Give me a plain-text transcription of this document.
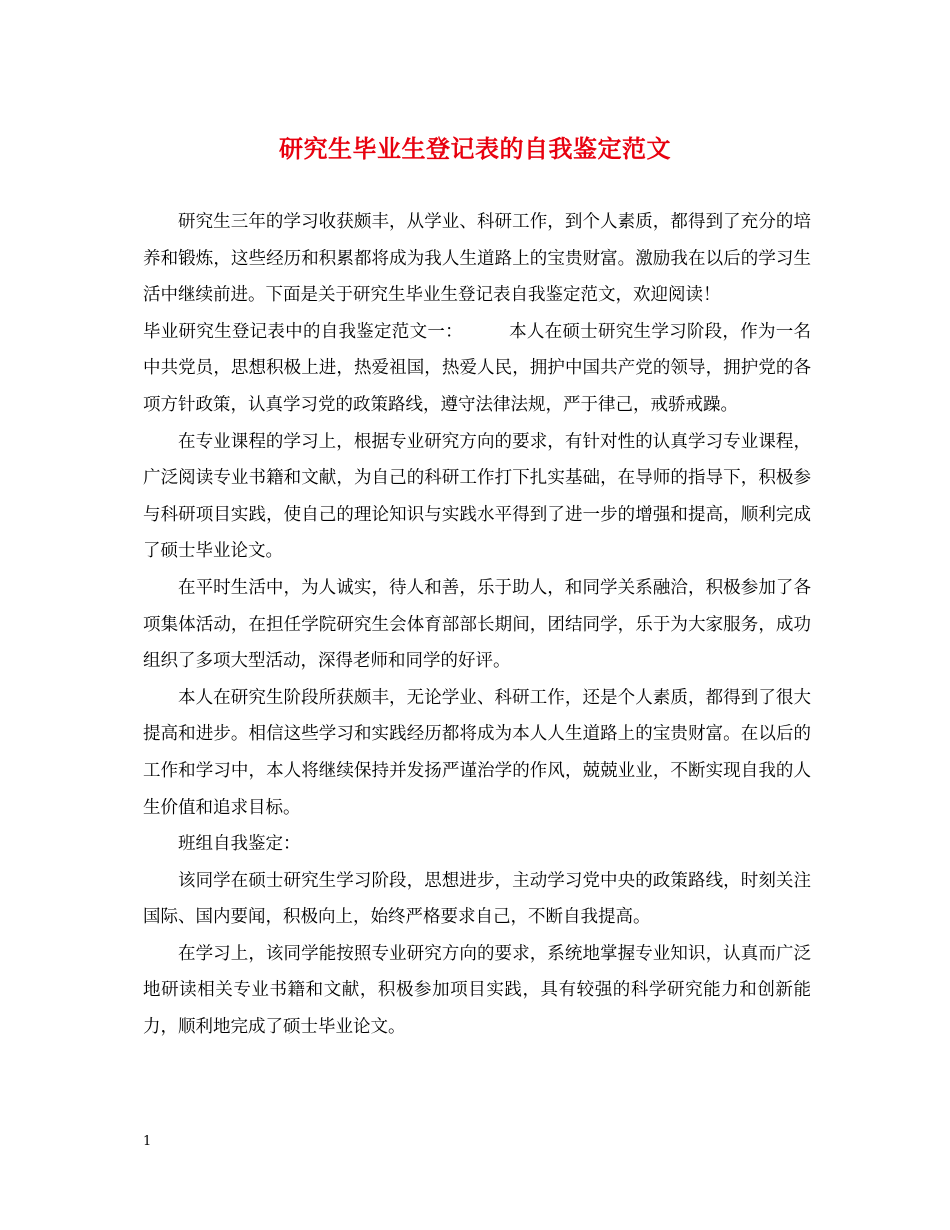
研究生毕业生登记表的自我鉴定范文

研究生三年的学习收获颇丰，从学业、科研工作，到个人素质，都得到了充分的培养和锻炼，这些经历和积累都将成为我人生道路上的宝贵财富。激励我在以后的学习生活中继续前进。下面是关于研究生毕业生登记表自我鉴定范文，欢迎阅读！

毕业研究生登记表中的自我鉴定范文一：	本人在硕士研究生学习阶段，作为一名中共党员，思想积极上进，热爱祖国，热爱人民，拥护中国共产党的领导，拥护党的各项方针政策，认真学习党的政策路线，遵守法律法规，严于律己，戒骄戒躁。

在专业课程的学习上，根据专业研究方向的要求，有针对性的认真学习专业课程，广泛阅读专业书籍和文献，为自己的科研工作打下扎实基础，在导师的指导下，积极参与科研项目实践，使自己的理论知识与实践水平得到了进一步的增强和提高，顺利完成了硕士毕业论文。

在平时生活中，为人诚实，待人和善，乐于助人，和同学关系融洽，积极参加了各项集体活动，在担任学院研究生会体育部部长期间，团结同学，乐于为大家服务，成功组织了多项大型活动，深得老师和同学的好评。

本人在研究生阶段所获颇丰，无论学业、科研工作，还是个人素质，都得到了很大提高和进步。相信这些学习和实践经历都将成为本人人生道路上的宝贵财富。在以后的工作和学习中，本人将继续保持并发扬严谨治学的作风，兢兢业业，不断实现自我的人生价值和追求目标。

班组自我鉴定：

该同学在硕士研究生学习阶段，思想进步，主动学习党中央的政策路线，时刻关注国际、国内要闻，积极向上，始终严格要求自己，不断自我提高。

在学习上，该同学能按照专业研究方向的要求，系统地掌握专业知识，认真而广泛地研读相关专业书籍和文献，积极参加项目实践，具有较强的科学研究能力和创新能力，顺利地完成了硕士毕业论文。

1
